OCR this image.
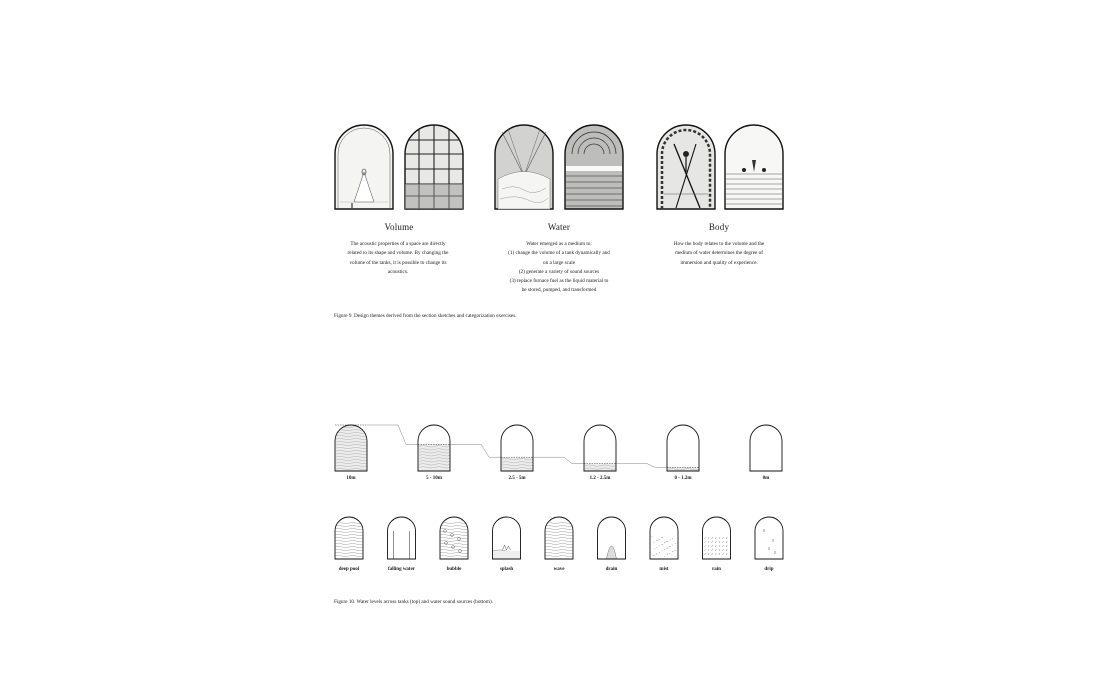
Volume
The acoustic properties of a space are directly
related to its shape and volume. By changing the
volume of the tanks, it is possible to change its
acoustics.
Water
Water emerged as a medium to:
(1) change the volume of a tank dynamically and
on a large scale
(2) generate a variety of sound sources
(3) replace furnace fuel as the liquid material to
be stored, pumped, and transformed
Body
How the body relates to the volume and the
medium of water determines the degree of
immersion and quality of experience.
Figure 9. Design themes derived from the section sketches and categorization exercises.
10m	5 - 10m	2.5 - 5m	1.2 - 2.5m	0 - 1.2m	0m
deep pool	falling water	bubble	splash	wave	drain	mist	rain	drip
Figure 10. Water levels across tanks (top) and water sound sources (bottom).
